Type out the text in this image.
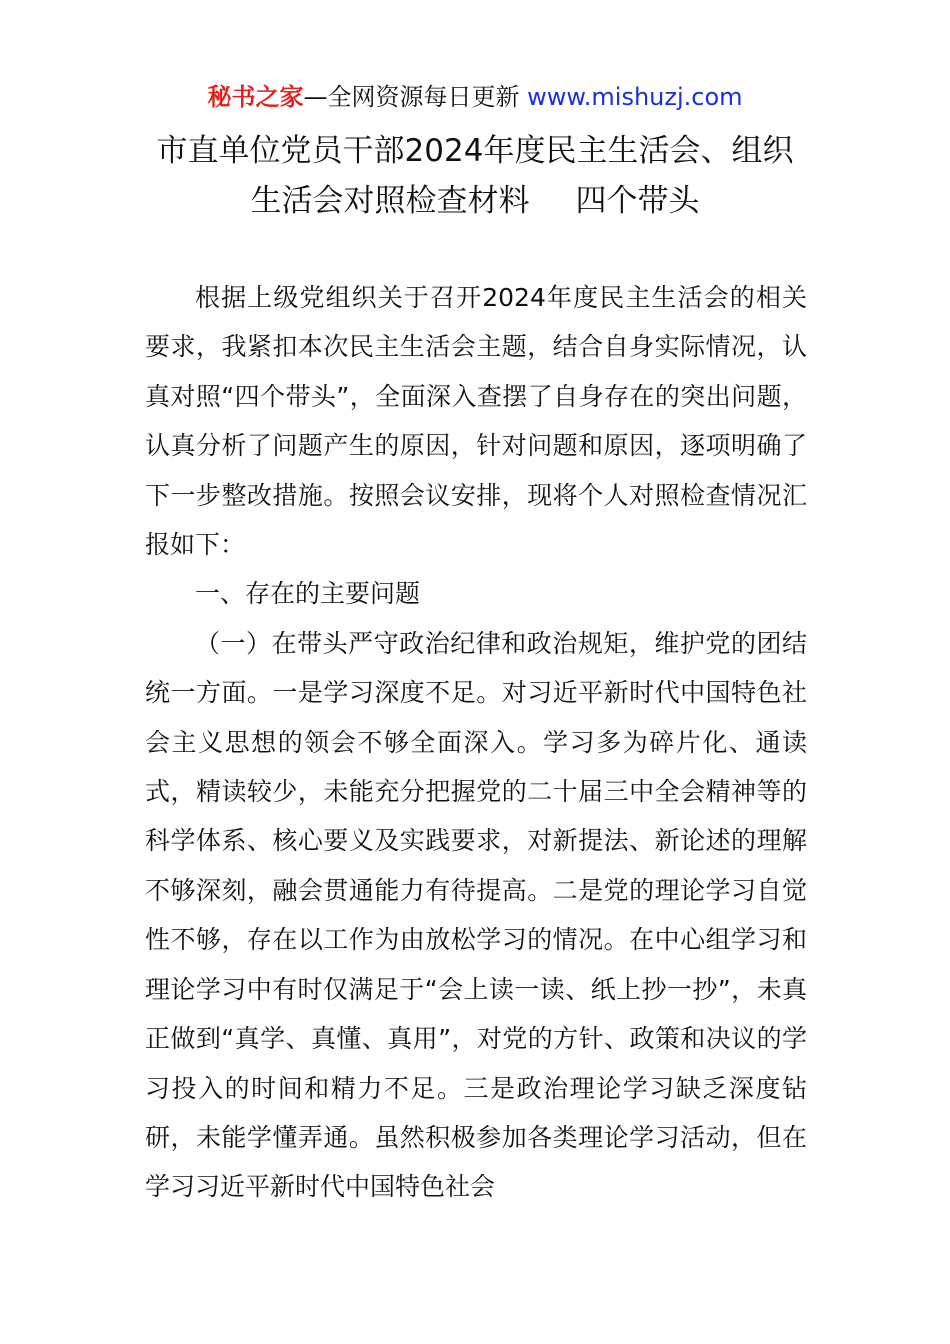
秘书之家—全网资源每日更新 www.mishuzj.com
市直单位党员干部2024年度民主生活会、组织
生活会对照检查材料 四个带头

根据上级党组织关于召开2024年度民主生活会的相关要求，我紧扣本次民主生活会主题，结合自身实际情况，认真对照“四个带头”，全面深入查摆了自身存在的突出问题，认真分析了问题产生的原因，针对问题和原因，逐项明确了下一步整改措施。按照会议安排，现将个人对照检查情况汇报如下：

一、存在的主要问题

（一）在带头严守政治纪律和政治规矩，维护党的团结统一方面。一是学习深度不足。对习近平新时代中国特色社会主义思想的领会不够全面深入。学习多为碎片化、通读式，精读较少，未能充分把握党的二十届三中全会精神等的科学体系、核心要义及实践要求，对新提法、新论述的理解不够深刻，融会贯通能力有待提高。二是党的理论学习自觉性不够，存在以工作为由放松学习的情况。在中心组学习和理论学习中有时仅满足于“会上读一读、纸上抄一抄”，未真正做到“真学、真懂、真用”，对党的方针、政策和决议的学习投入的时间和精力不足。三是政治理论学习缺乏深度钻研，未能学懂弄通。虽然积极参加各类理论学习活动，但在学习习近平新时代中国特色社会
